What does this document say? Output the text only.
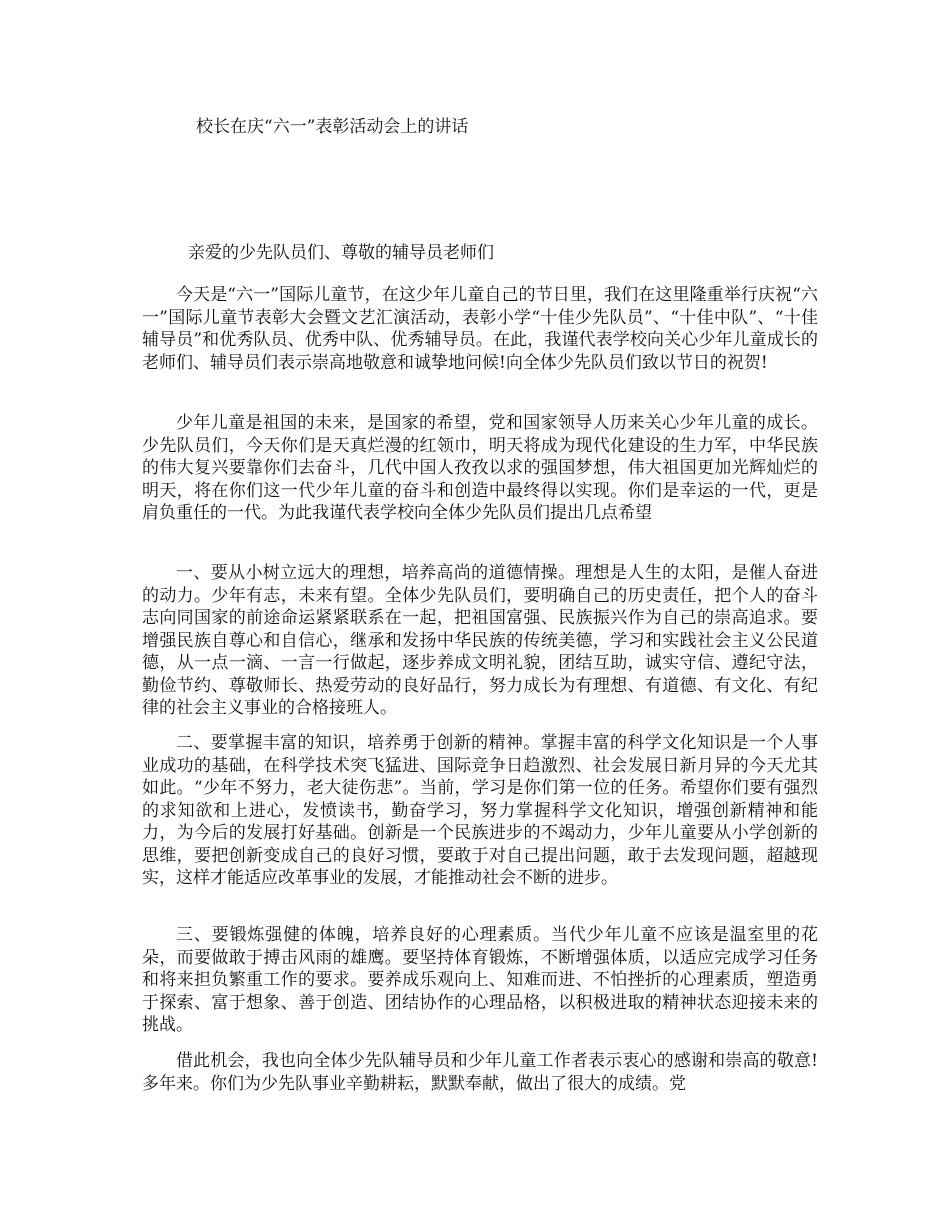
校长在庆“六一”表彰活动会上的讲话
亲爱的少先队员们、尊敬的辅导员老师们

今天是“六一”国际儿童节，在这少年儿童自己的节日里，我们在这里隆重举行庆祝“六一”国际儿童节表彰大会暨文艺汇演活动，表彰小学“十佳少先队员”、“十佳中队”、“十佳辅导员”和优秀队员、优秀中队、优秀辅导员。在此，我谨代表学校向关心少年儿童成长的老师们、辅导员们表示崇高地敬意和诚挚地问候!向全体少先队员们致以节日的祝贺!

少年儿童是祖国的未来，是国家的希望，党和国家领导人历来关心少年儿童的成长。少先队员们，今天你们是天真烂漫的红领巾，明天将成为现代化建设的生力军，中华民族的伟大复兴要靠你们去奋斗，几代中国人孜孜以求的强国梦想，伟大祖国更加光辉灿烂的明天，将在你们这一代少年儿童的奋斗和创造中最终得以实现。你们是幸运的一代，更是肩负重任的一代。为此我谨代表学校向全体少先队员们提出几点希望

一、要从小树立远大的理想，培养高尚的道德情操。理想是人生的太阳，是催人奋进的动力。少年有志，未来有望。全体少先队员们，要明确自己的历史责任，把个人的奋斗志向同国家的前途命运紧紧联系在一起，把祖国富强、民族振兴作为自己的崇高追求。要增强民族自尊心和自信心，继承和发扬中华民族的传统美德，学习和实践社会主义公民道德，从一点一滴、一言一行做起，逐步养成文明礼貌，团结互助，诚实守信、遵纪守法，勤俭节约、尊敬师长、热爱劳动的良好品行，努力成长为有理想、有道德、有文化、有纪律的社会主义事业的合格接班人。

二、要掌握丰富的知识，培养勇于创新的精神。掌握丰富的科学文化知识是一个人事业成功的基础，在科学技术突飞猛进、国际竞争日趋激烈、社会发展日新月异的今天尤其如此。“少年不努力，老大徒伤悲”。当前，学习是你们第一位的任务。希望你们要有强烈的求知欲和上进心，发愤读书，勤奋学习，努力掌握科学文化知识，增强创新精神和能力，为今后的发展打好基础。创新是一个民族进步的不竭动力，少年儿童要从小学创新的思维，要把创新变成自己的良好习惯，要敢于对自己提出问题，敢于去发现问题，超越现实，这样才能适应改革事业的发展，才能推动社会不断的进步。

三、要锻炼强健的体魄，培养良好的心理素质。当代少年儿童不应该是温室里的花朵，而要做敢于搏击风雨的雄鹰。要坚持体育锻炼，不断增强体质，以适应完成学习任务和将来担负繁重工作的要求。要养成乐观向上、知难而进、不怕挫折的心理素质，塑造勇于探索、富于想象、善于创造、团结协作的心理品格，以积极进取的精神状态迎接未来的挑战。

借此机会，我也向全体少先队辅导员和少年儿童工作者表示衷心的感谢和崇高的敬意!多年来。你们为少先队事业辛勤耕耘，默默奉献，做出了很大的成绩。党
